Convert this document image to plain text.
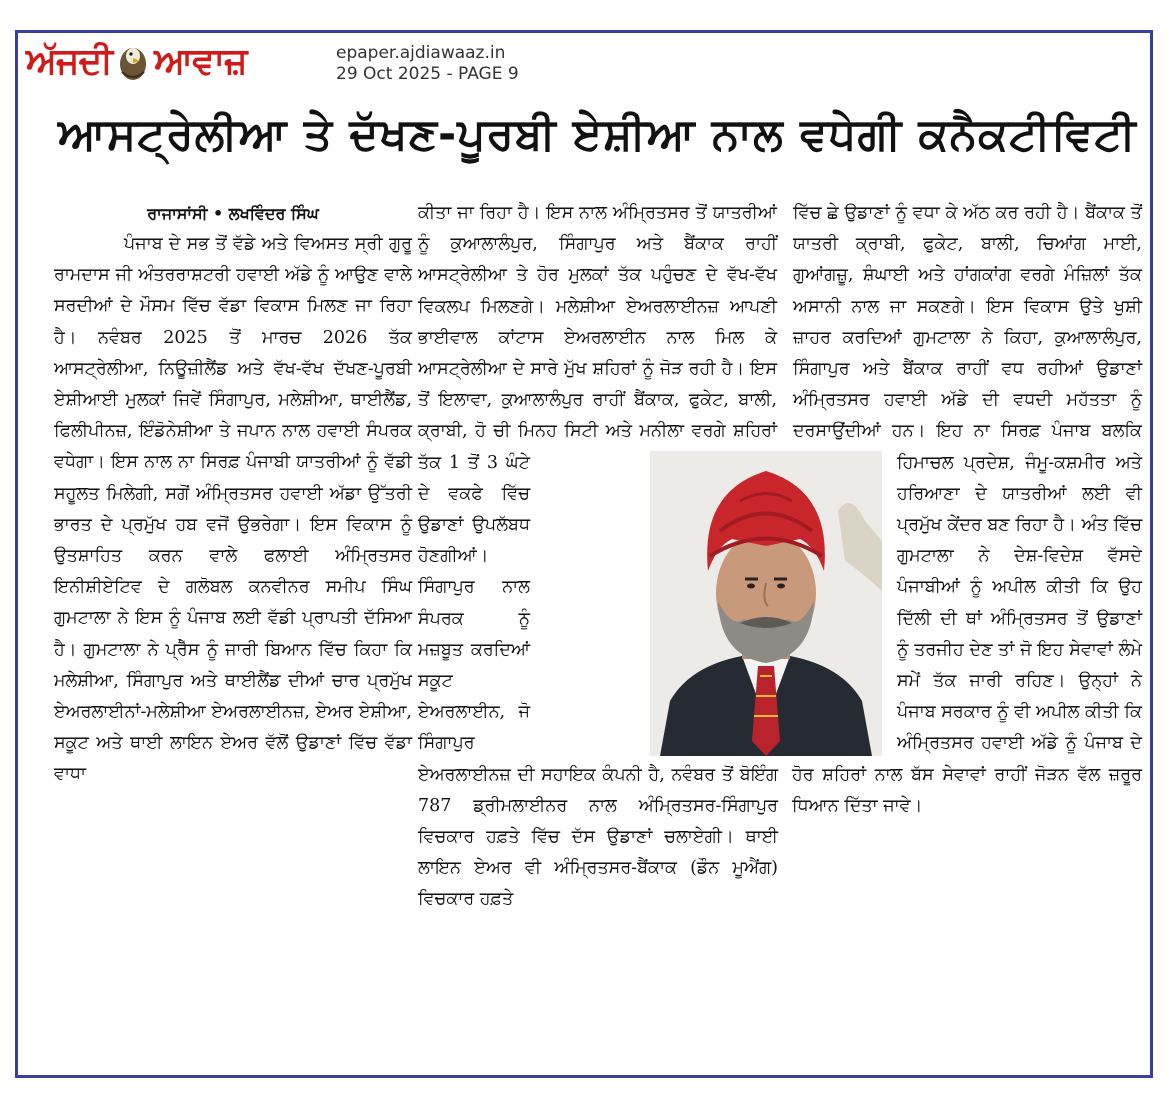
ਅੱਜਦੀ ਆਵਾਜ਼	epaper.ajdiawaaz.in
29 Oct 2025 - PAGE 9
ਆਸਟ੍ਰੇਲੀਆ ਤੇ ਦੱਖਣ-ਪੂਰਬੀ ਏਸ਼ੀਆ ਨਾਲ ਵਧੇਗੀ ਕਨੈਕਟੀਵਿਟੀ

ਰਾਜਾਸਾਂਸੀ • ਲਖਵਿੰਦਰ ਸਿੰਘ

ਪੰਜਾਬ ਦੇ ਸਭ ਤੋਂ ਵੱਡੇ ਅਤੇ ਵਿਅਸਤ ਸ੍ਰੀ ਗੁਰੂ ਰਾਮਦਾਸ ਜੀ ਅੰਤਰਰਾਸ਼ਟਰੀ ਹਵਾਈ ਅੱਡੇ ਨੂੰ ਆਉਣ ਵਾਲੇ ਸਰਦੀਆਂ ਦੇ ਮੌਸਮ ਵਿੱਚ ਵੱਡਾ ਵਿਕਾਸ ਮਿਲਣ ਜਾ ਰਿਹਾ ਹੈ। ਨਵੰਬਰ 2025 ਤੋਂ ਮਾਰਚ 2026 ਤੱਕ ਆਸਟ੍ਰੇਲੀਆ, ਨਿਊਜ਼ੀਲੈਂਡ ਅਤੇ ਵੱਖ-ਵੱਖ ਦੱਖਣ-ਪੂਰਬੀ ਏਸ਼ੀਆਈ ਮੁਲਕਾਂ ਜਿਵੇਂ ਸਿੰਗਾਪੁਰ, ਮਲੇਸ਼ੀਆ, ਥਾਈਲੈਂਡ, ਫਿਲੀਪੀਨਜ਼, ਇੰਡੋਨੇਸ਼ੀਆ ਤੇ ਜਪਾਨ ਨਾਲ ਹਵਾਈ ਸੰਪਰਕ ਵਧੇਗਾ। ਇਸ ਨਾਲ ਨਾ ਸਿਰਫ਼ ਪੰਜਾਬੀ ਯਾਤਰੀਆਂ ਨੂੰ ਵੱਡੀ ਸਹੂਲਤ ਮਿਲੇਗੀ, ਸਗੋਂ ਅੰਮ੍ਰਿਤਸਰ ਹਵਾਈ ਅੱਡਾ ਉੱਤਰੀ ਭਾਰਤ ਦੇ ਪ੍ਰਮੁੱਖ ਹਬ ਵਜੋਂ ਉਭਰੇਗਾ। ਇਸ ਵਿਕਾਸ ਨੂੰ ਉਤਸ਼ਾਹਿਤ ਕਰਨ ਵਾਲੇ ਫਲਾਈ ਅੰਮ੍ਰਿਤਸਰ ਇਨੀਸ਼ੀਏਟਿਵ ਦੇ ਗਲੋਬਲ ਕਨਵੀਨਰ ਸਮੀਪ ਸਿੰਘ ਗੁਮਟਾਲਾ ਨੇ ਇਸ ਨੂੰ ਪੰਜਾਬ ਲਈ ਵੱਡੀ ਪ੍ਰਾਪਤੀ ਦੱਸਿਆ ਹੈ। ਗੁਮਟਾਲਾ ਨੇ ਪ੍ਰੈੱਸ ਨੂੰ ਜਾਰੀ ਬਿਆਨ ਵਿੱਚ ਕਿਹਾ ਕਿ ਮਲੇਸ਼ੀਆ, ਸਿੰਗਾਪੁਰ ਅਤੇ ਥਾਈਲੈਂਡ ਦੀਆਂ ਚਾਰ ਪ੍ਰਮੁੱਖ ਏਅਰਲਾਈਨਾਂ-ਮਲੇਸ਼ੀਆ ਏਅਰਲਾਈਨਜ਼, ਏਅਰ ਏਸ਼ੀਆ, ਸਕੂਟ ਅਤੇ ਥਾਈ ਲਾਇਨ ਏਅਰ ਵੱਲੋਂ ਉਡਾਣਾਂ ਵਿੱਚ ਵੱਡਾ ਵਾਧਾ

ਕੀਤਾ ਜਾ ਰਿਹਾ ਹੈ। ਇਸ ਨਾਲ ਅੰਮ੍ਰਿਤਸਰ ਤੋਂ ਯਾਤਰੀਆਂ ਨੂੰ ਕੁਆਲਾਲੰਪੁਰ, ਸਿੰਗਾਪੁਰ ਅਤੇ ਬੈਂਕਾਕ ਰਾਹੀਂ ਆਸਟ੍ਰੇਲੀਆ ਤੇ ਹੋਰ ਮੁਲਕਾਂ ਤੱਕ ਪਹੁੰਚਣ ਦੇ ਵੱਖ-ਵੱਖ ਵਿਕਲਪ ਮਿਲਣਗੇ। ਮਲੇਸ਼ੀਆ ਏਅਰਲਾਈਨਜ਼ ਆਪਣੀ ਭਾਈਵਾਲ ਕਾਂਟਾਸ ਏਅਰਲਾਈਨ ਨਾਲ ਮਿਲ ਕੇ ਆਸਟ੍ਰੇਲੀਆ ਦੇ ਸਾਰੇ ਮੁੱਖ ਸ਼ਹਿਰਾਂ ਨੂੰ ਜੋੜ ਰਹੀ ਹੈ। ਇਸ ਤੋਂ ਇਲਾਵਾ, ਕੁਆਲਾਲੰਪੁਰ ਰਾਹੀਂ ਬੈਂਕਾਕ, ਫੁਕੇਟ, ਬਾਲੀ, ਕ੍ਰਾਬੀ, ਹੋ ਚੀ ਮਿਨਹ ਸਿਟੀ ਅਤੇ ਮਨੀਲਾ ਵਰਗੇ ਸ਼ਹਿਰਾਂ ਤੱਕ 1 ਤੋਂ 3 ਘੰਟੇ ਦੇ ਵਕਫੇ ਵਿੱਚ ਉਡਾਣਾਂ ਉਪਲੱਬਧ ਹੋਣਗੀਆਂ। ਸਿੰਗਾਪੁਰ ਨਾਲ ਸੰਪਰਕ ਨੂੰ ਮਜ਼ਬੂਤ ਕਰਦਿਆਂ ਸਕੂਟ ਏਅਰਲਾਈਨ, ਜੋ ਸਿੰਗਾਪੁਰ ਏਅਰਲਾਈਨਜ਼ ਦੀ ਸਹਾਇਕ ਕੰਪਨੀ ਹੈ, ਨਵੰਬਰ ਤੋਂ ਬੋਇੰਗ 787 ਡ੍ਰੀਮਲਾਈਨਰ ਨਾਲ ਅੰਮ੍ਰਿਤਸਰ-ਸਿੰਗਾਪੁਰ ਵਿਚਕਾਰ ਹਫ਼ਤੇ ਵਿੱਚ ਦੱਸ ਉਡਾਣਾਂ ਚਲਾਏਗੀ। ਥਾਈ ਲਾਇਨ ਏਅਰ ਵੀ ਅੰਮ੍ਰਿਤਸਰ-ਬੈਂਕਾਕ (ਡੌਨ ਮੂਐਂਗ) ਵਿਚਕਾਰ ਹਫ਼ਤੇ

ਵਿੱਚ ਛੇ ਉਡਾਣਾਂ ਨੂੰ ਵਧਾ ਕੇ ਅੱਠ ਕਰ ਰਹੀ ਹੈ। ਬੈਂਕਾਕ ਤੋਂ ਯਾਤਰੀ ਕ੍ਰਾਬੀ, ਫੁਕੇਟ, ਬਾਲੀ, ਚਿਆਂਗ ਮਾਈ, ਗੁਆਂਗਜ਼ੂ, ਸ਼ੰਘਾਈ ਅਤੇ ਹਾਂਗਕਾਂਗ ਵਰਗੇ ਮੰਜ਼ਿਲਾਂ ਤੱਕ ਅਸਾਨੀ ਨਾਲ ਜਾ ਸਕਣਗੇ। ਇਸ ਵਿਕਾਸ ਉਤੇ ਖੁਸ਼ੀ ਜ਼ਾਹਰ ਕਰਦਿਆਂ ਗੁਮਟਾਲਾ ਨੇ ਕਿਹਾ, ਕੁਆਲਾਲੰਪੁਰ, ਸਿੰਗਾਪੁਰ ਅਤੇ ਬੈਂਕਾਕ ਰਾਹੀਂ ਵਧ ਰਹੀਆਂ ਉਡਾਣਾਂ ਅੰਮ੍ਰਿਤਸਰ ਹਵਾਈ ਅੱਡੇ ਦੀ ਵਧਦੀ ਮਹੱਤਤਾ ਨੂੰ ਦਰਸਾਉਂਦੀਆਂ ਹਨ। ਇਹ ਨਾ ਸਿਰਫ਼ ਪੰਜਾਬ ਬਲਕਿ ਹਿਮਾਚਲ ਪ੍ਰਦੇਸ਼, ਜੰਮੂ-ਕਸ਼ਮੀਰ ਅਤੇ ਹਰਿਆਣਾ ਦੇ ਯਾਤਰੀਆਂ ਲਈ ਵੀ ਪ੍ਰਮੁੱਖ ਕੇਂਦਰ ਬਣ ਰਿਹਾ ਹੈ। ਅੰਤ ਵਿੱਚ ਗੁਮਟਾਲਾ ਨੇ ਦੇਸ਼-ਵਿਦੇਸ਼ ਵੱਸਦੇ ਪੰਜਾਬੀਆਂ ਨੂੰ ਅਪੀਲ ਕੀਤੀ ਕਿ ਉਹ ਦਿੱਲੀ ਦੀ ਥਾਂ ਅੰਮ੍ਰਿਤਸਰ ਤੋਂ ਉਡਾਣਾਂ ਨੂੰ ਤਰਜੀਹ ਦੇਣ ਤਾਂ ਜੋ ਇਹ ਸੇਵਾਵਾਂ ਲੰਮੇ ਸਮੇਂ ਤੱਕ ਜਾਰੀ ਰਹਿਣ। ਉਨ੍ਹਾਂ ਨੇ ਪੰਜਾਬ ਸਰਕਾਰ ਨੂੰ ਵੀ ਅਪੀਲ ਕੀਤੀ ਕਿ ਅੰਮ੍ਰਿਤਸਰ ਹਵਾਈ ਅੱਡੇ ਨੂੰ ਪੰਜਾਬ ਦੇ ਹੋਰ ਸ਼ਹਿਰਾਂ ਨਾਲ ਬੱਸ ਸੇਵਾਵਾਂ ਰਾਹੀਂ ਜੋੜਨ ਵੱਲ ਜ਼ਰੂਰ ਧਿਆਨ ਦਿੱਤਾ ਜਾਵੇ।
